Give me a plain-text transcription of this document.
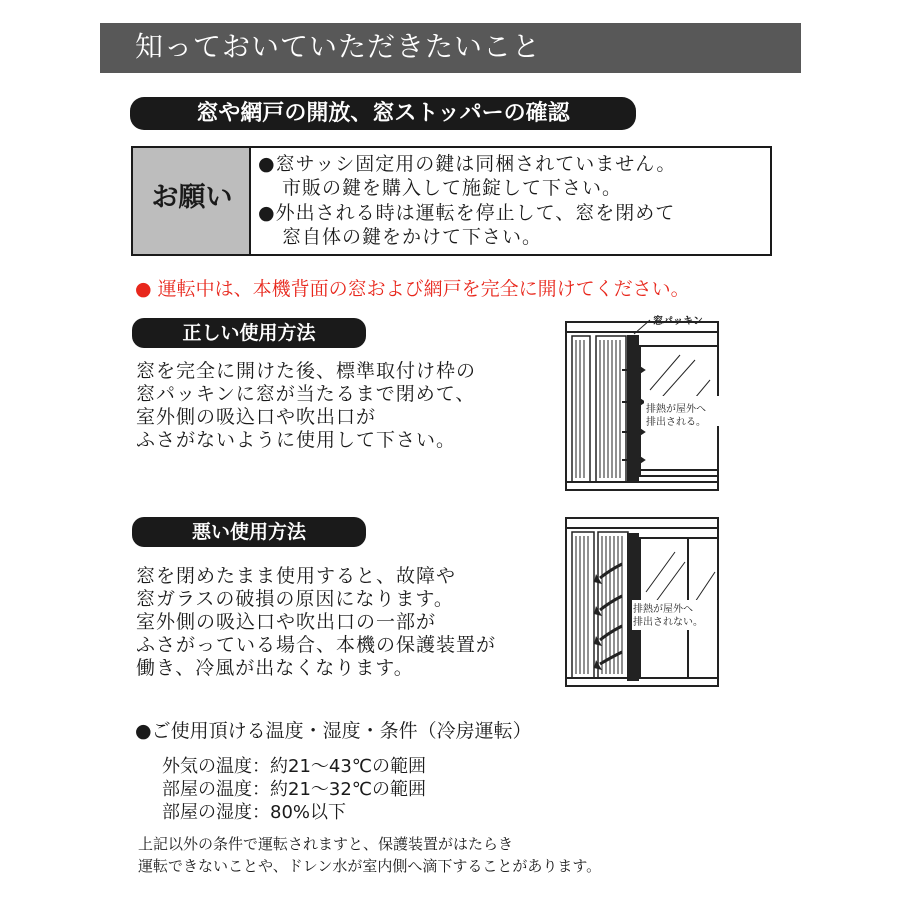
知っておいていただきたいこと
窓や網戸の開放、窓ストッパーの確認
お願い
●窓サッシ固定用の鍵は同梱されていません。
市販の鍵を購入して施錠して下さい。
●外出される時は運転を停止して、窓を閉めて
窓自体の鍵をかけて下さい。
● 運転中は、本機背面の窓および網戸を完全に開けてください。
正しい使用方法
窓を完全に開けた後、標準取付け枠の
窓パッキンに窓が当たるまで閉めて、
室外側の吸込口や吹出口が
ふさがないように使用して下さい。
窓パッキン
排熱が屋外へ
排出される。
悪い使用方法
窓を閉めたまま使用すると、故障や
窓ガラスの破損の原因になります。
室外側の吸込口や吹出口の一部が
ふさがっている場合、本機の保護装置が
働き、冷風が出なくなります。
排熱が屋外へ
排出されない。
●ご使用頂ける温度・湿度・条件（冷房運転）
外気の温度：約21～43℃の範囲
部屋の温度：約21～32℃の範囲
部屋の湿度：80%以下
上記以外の条件で運転されますと、保護装置がはたらき
運転できないことや、ドレン水が室内側へ滴下することがあります。
